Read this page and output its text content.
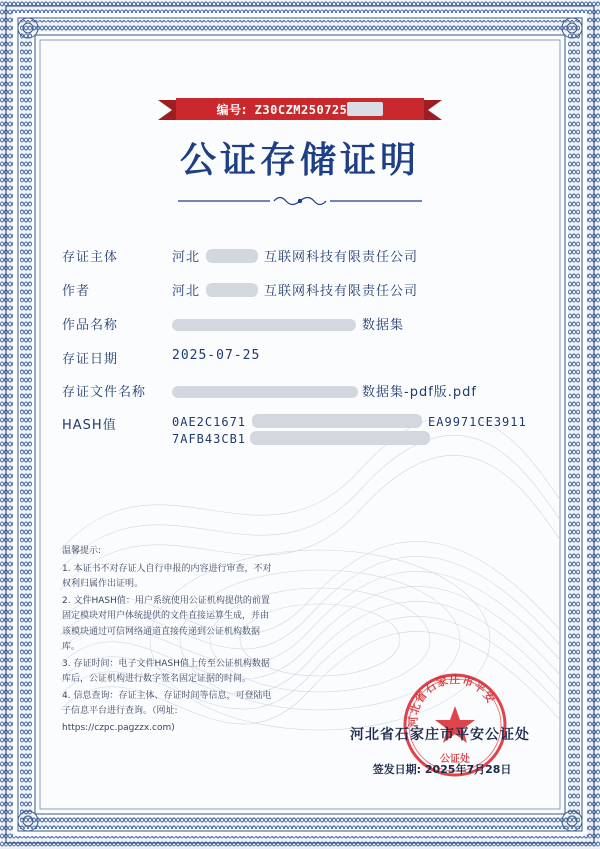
编号: Z30CZM250725
公证存储证明
存证主体	河北	互联网科技有限责任公司
作者	河北	互联网科技有限责任公司
作品名称	数据集
存证日期	2025-07-25
存证文件名称	数据集-pdf版.pdf
HASH值	0AE2C1671	EA9971CE3911
7AFB43CB1
温馨提示:

1. 本证书不对存证人自行申报的内容进行审查，不对权利归属作出证明。

2. 文件HASH值：用户系统使用公证机构提供的前置固定模块对用户体统提供的文件直接运算生成，并由该模块通过可信网络通道直接传递到公证机构数据库。

3. 存证时间：电子文件HASH值上传至公证机构数据库后，公证机构进行数字签名固定证据的时间。

4. 信息查询：存证主体、存证时间等信息，可登陆电子信息平台进行查询。（网址:

https://czpc.pagzzx.com)

河北省石家庄市平安
公证处
河北省石家庄市平安公证处
签发日期: 2025年7月28日
